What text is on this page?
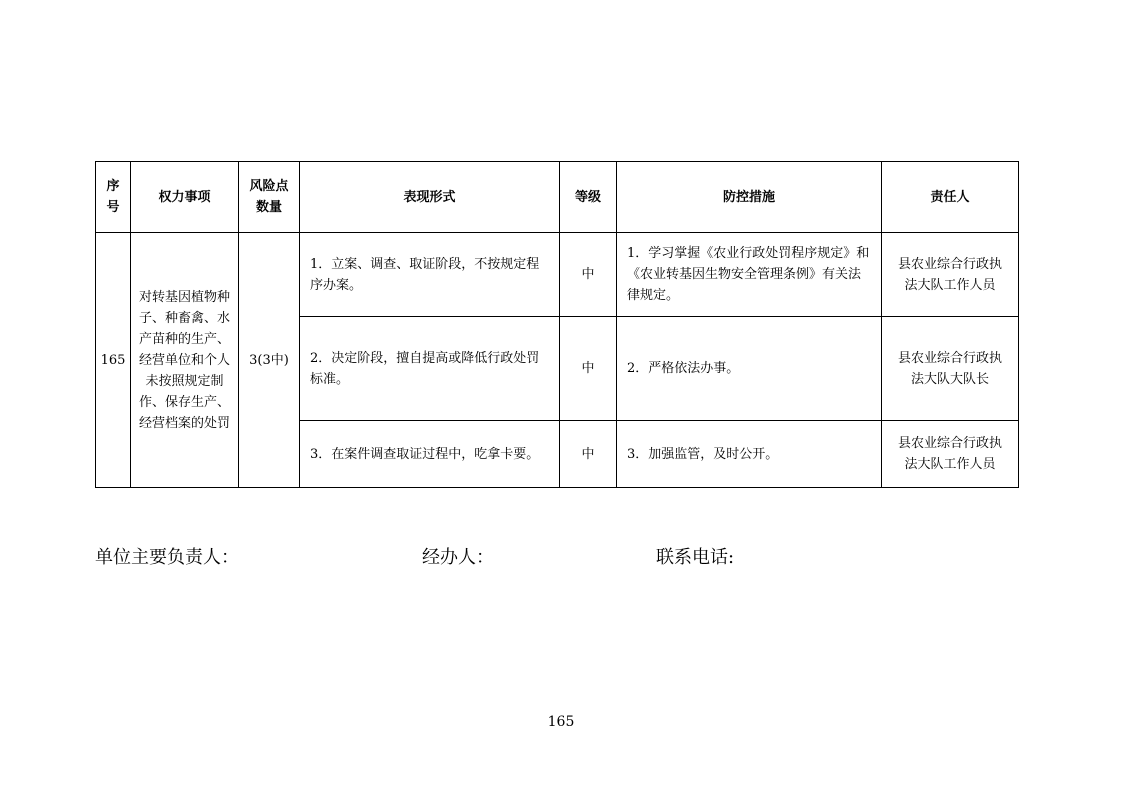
序号	权力事项	风险点数量	表现形式	等级	防控措施	责任人
165	对转基因植物种子、种畜禽、水产苗种的生产、经营单位和个人未按照规定制作、保存生产、经营档案的处罚	3(3中)	1．立案、调查、取证阶段，不按规定程序办案。	中	1．学习掌握《农业行政处罚程序规定》和《农业转基因生物安全管理条例》有关法律规定。	县农业综合行政执法大队工作人员
			2．决定阶段，擅自提高或降低行政处罚标准。	中	2．严格依法办事。	县农业综合行政执法大队大队长
			3．在案件调查取证过程中，吃拿卡要。	中	3．加强监管，及时公开。	县农业综合行政执法大队工作人员
单位主要负责人：	经办人：	联系电话:
165
